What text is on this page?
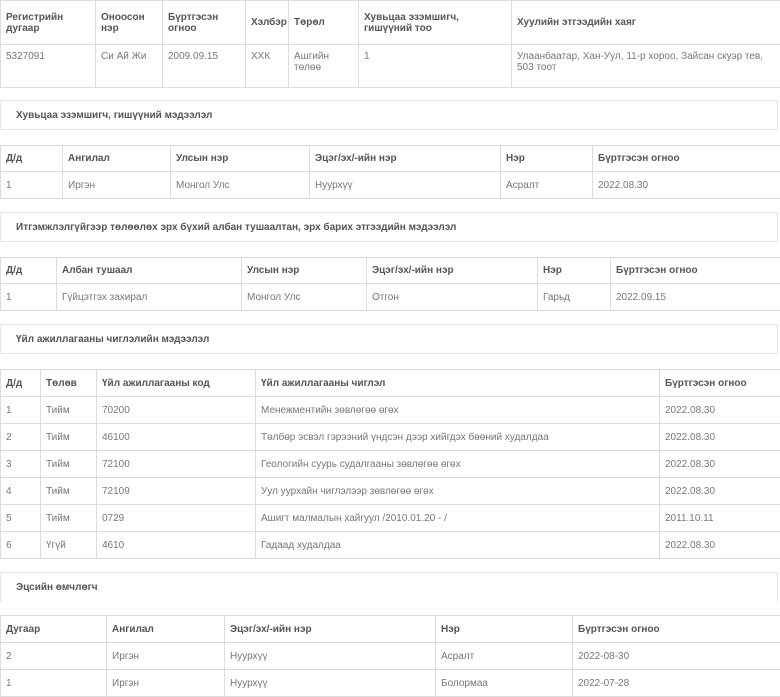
Регистрийн дугаар	Оноосон нэр	Бүртгэсэн огноо	Хэлбэр	Төрөл	Хувьцаа эзэмшигч, гишүүний тоо	Хуулийн этгээдийн хаяг
5327091	Си Ай Жи	2009.09.15	ХХК	Ашгийн төлөө	1	Улаанбаатар, Хан-Уул, 11-р хороо, Зайсан скуэр тев, 503 тоот
Хувьцаа эзэмшигч, гишүүний мэдээлэл
Д/д	Ангилал	Улсын нэр	Эцэг/эх/-ийн нэр	Нэр	Бүртгэсэн огноо
1	Иргэн	Монгол Улс	Нуурхүү	Асралт	2022.08.30
Итгэмжлэлгүйгээр төлөөлөх эрх бүхий албан тушаалтан, эрх барих этгээдийн мэдээлэл
Д/д	Албан тушаал	Улсын нэр	Эцэг/эх/-ийн нэр	Нэр	Бүртгэсэн огноо
1	Гүйцэтгэх захирал	Монгол Улс	Отгон	Гарьд	2022.09.15
Үйл ажиллагааны чиглэлийн мэдээлэл
Д/д	Төлөв	Үйл ажиллагааны код	Үйл ажиллагааны чиглэл	Бүртгэсэн огноо
1	Тийм	70200	Менежментийн зөвлөгөө өгөх	2022.08.30
2	Тийм	46100	Төлбөр эсвэл гэрээний үндсэн дээр хийгдэх бөөний худалдаа	2022.08.30
3	Тийм	72100	Геологийн суурь судалгааны зөвлөгөө өгөх	2022.08.30
4	Тийм	72109	Уул уурхайн чиглэлээр зөвлөгөө өгөх	2022.08.30
5	Тийм	0729	Ашигт малмалын хайгуул /2010.01.20 - /	2011.10.11
6	Үгүй	4610	Гадаад худалдаа	2022.08.30
Эцсийн өмчлөгч
Дугаар	Ангилал	Эцэг/эх/-ийн нэр	Нэр	Бүртгэсэн огноо
2	Иргэн	Нуурхүү	Асралт	2022-08-30
1	Иргэн	Нуурхүү	Болормаа	2022-07-28
